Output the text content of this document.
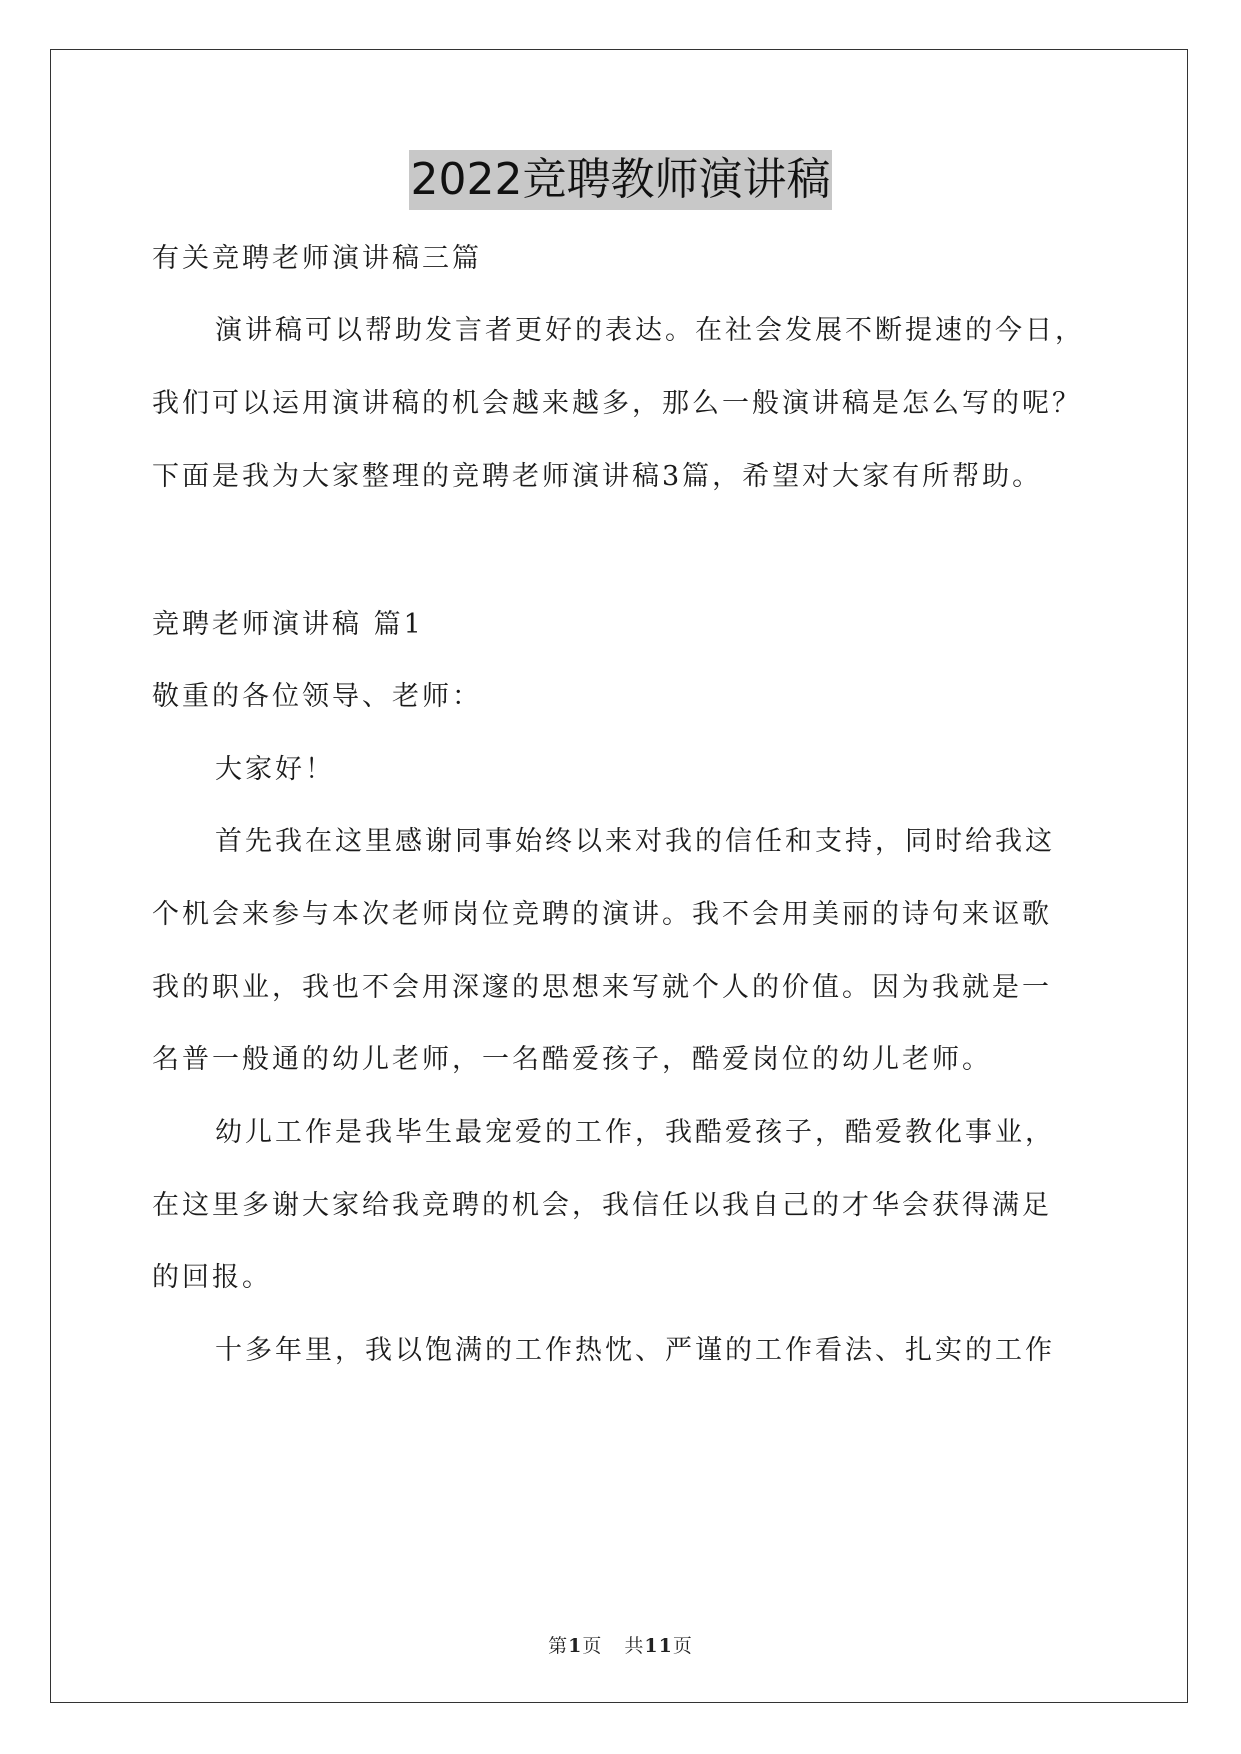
2022竞聘教师演讲稿
有关竞聘老师演讲稿三篇
演讲稿可以帮助发言者更好的表达。在社会发展不断提速的今日，
我们可以运用演讲稿的机会越来越多，那么一般演讲稿是怎么写的呢？
下面是我为大家整理的竞聘老师演讲稿3篇，希望对大家有所帮助。
竞聘老师演讲稿 篇1
敬重的各位领导、老师：
大家好！
首先我在这里感谢同事始终以来对我的信任和支持，同时给我这
个机会来参与本次老师岗位竞聘的演讲。我不会用美丽的诗句来讴歌
我的职业，我也不会用深邃的思想来写就个人的价值。因为我就是一
名普一般通的幼儿老师，一名酷爱孩子，酷爱岗位的幼儿老师。
幼儿工作是我毕生最宠爱的工作，我酷爱孩子，酷爱教化事业，
在这里多谢大家给我竞聘的机会，我信任以我自己的才华会获得满足
的回报。
十多年里，我以饱满的工作热忱、严谨的工作看法、扎实的工作
第1页 共11页
